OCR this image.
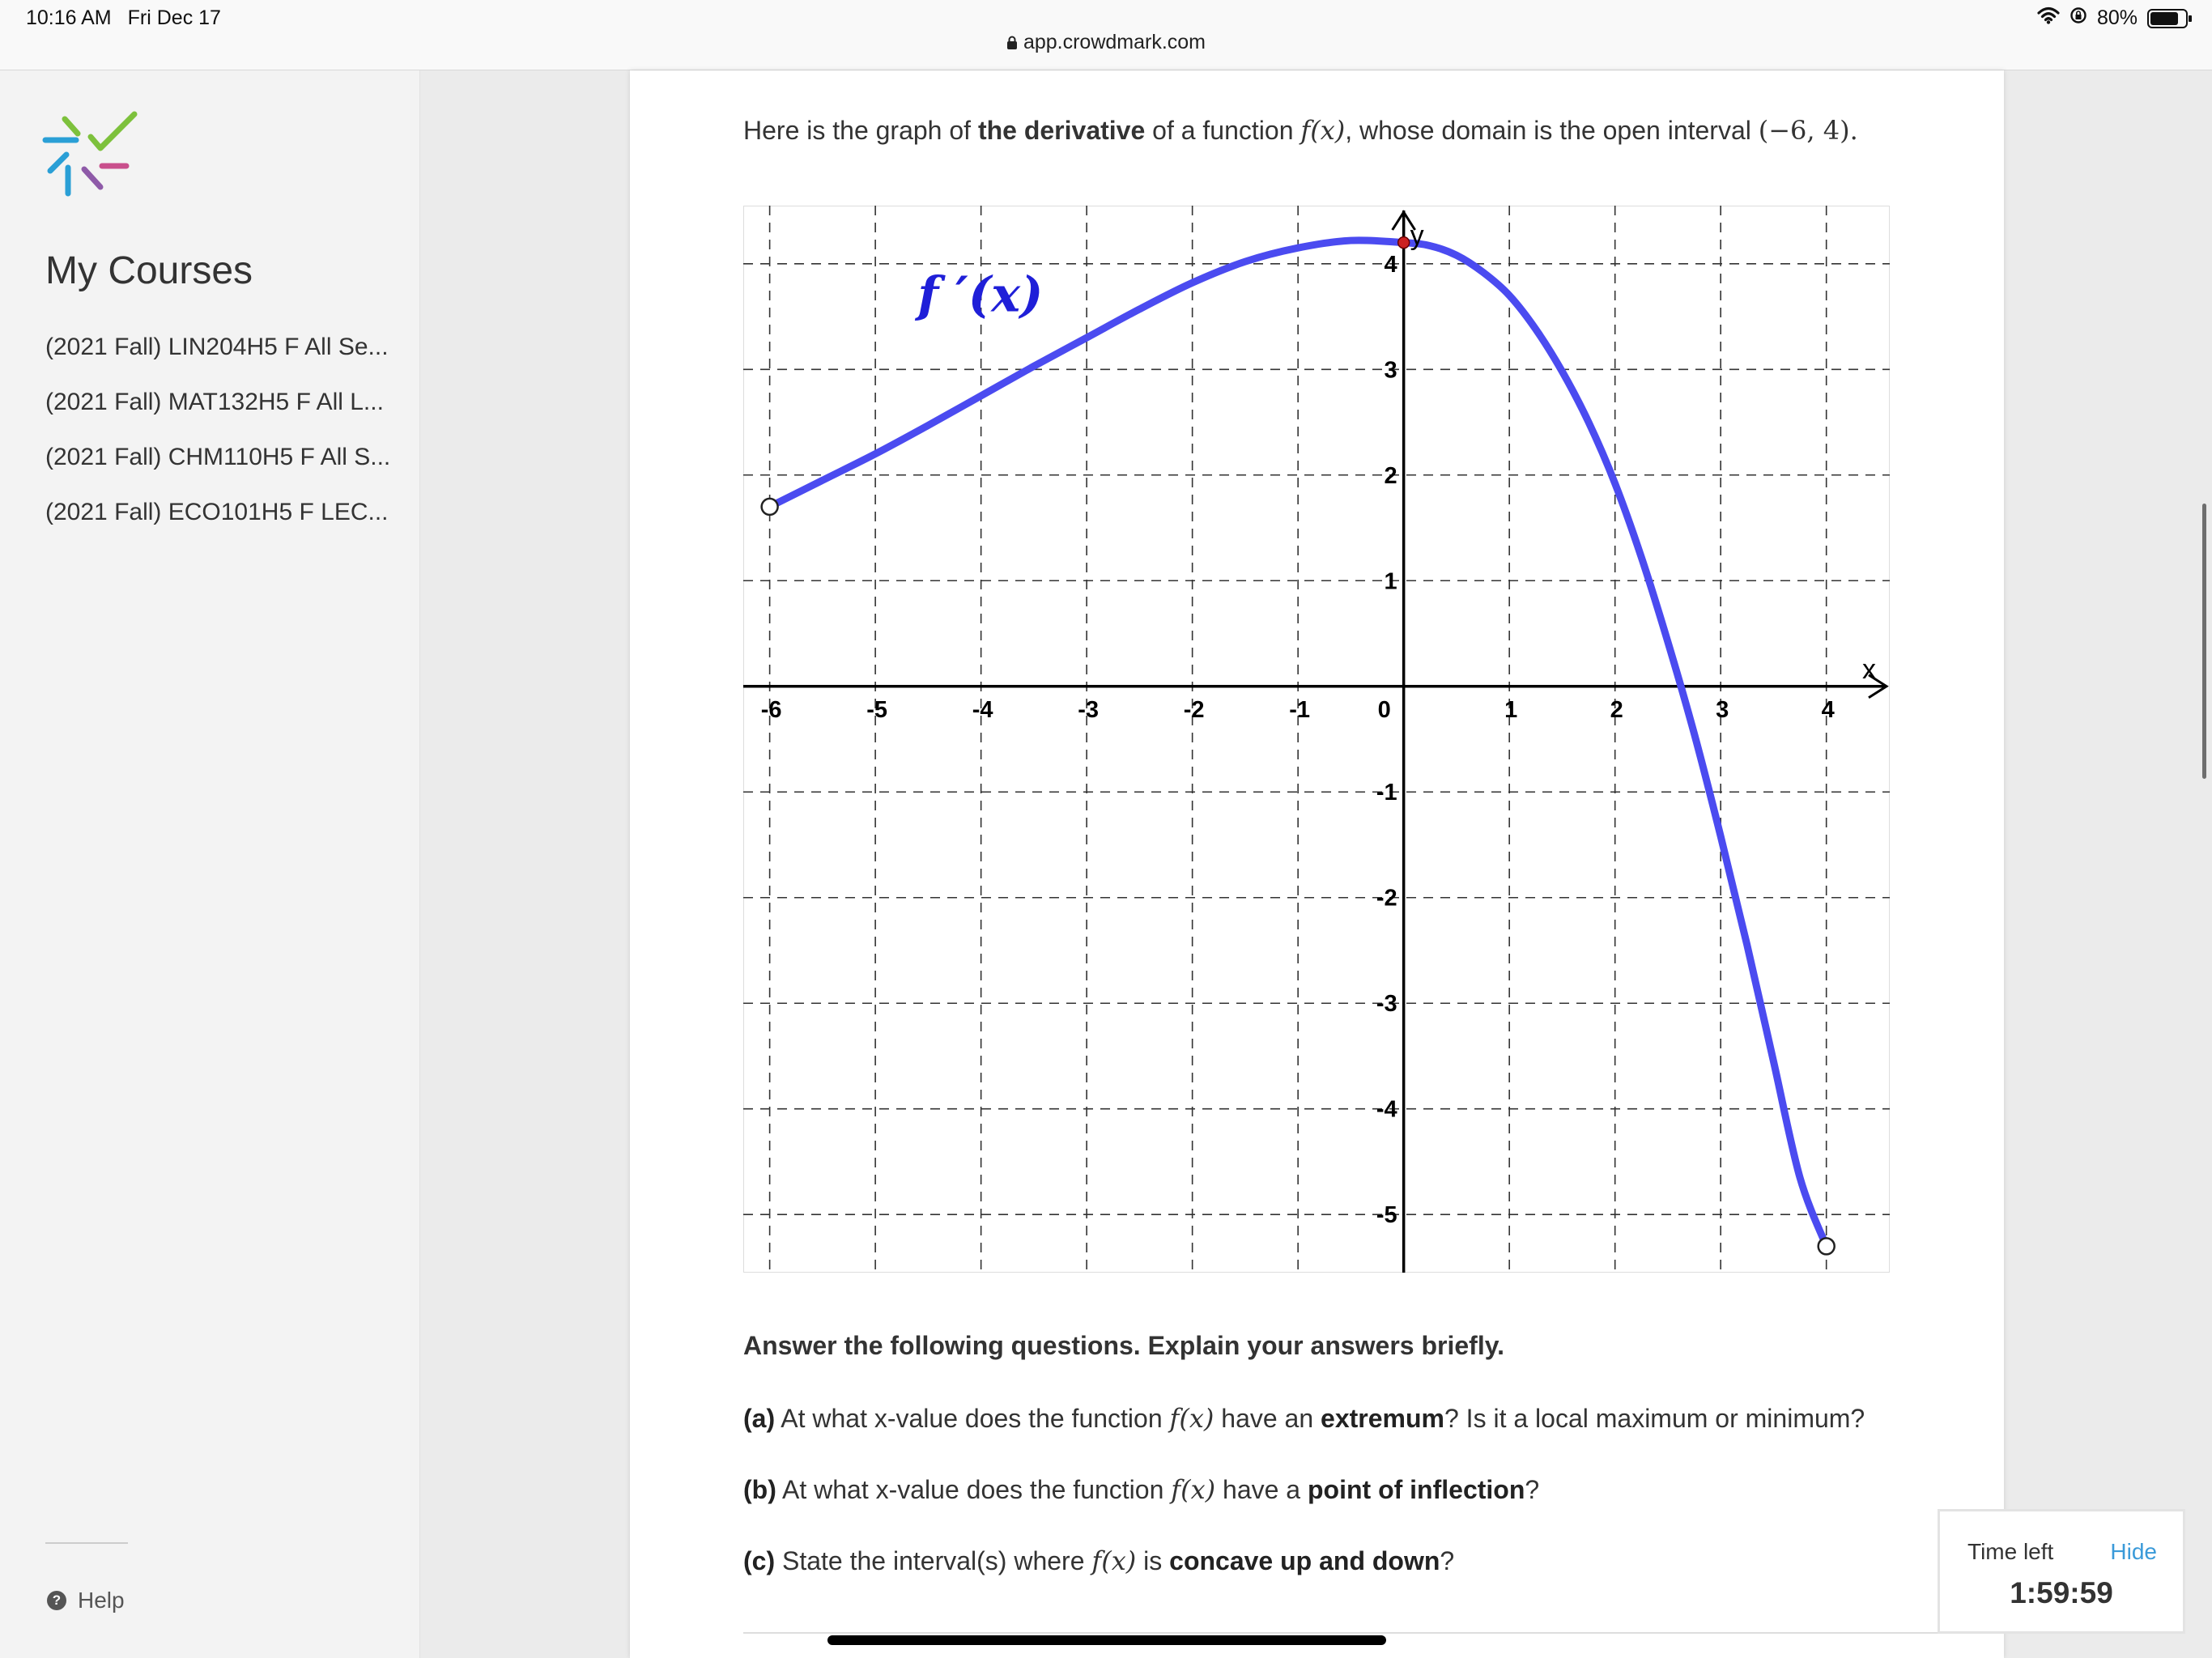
10:16 AM Fri Dec 17
app.crowdmark.com
80%
My Courses
(2021 Fall) LIN204H5 F All Se...
(2021 Fall) MAT132H5 F All L...
(2021 Fall) CHM110H5 F All S...
(2021 Fall) ECO101H5 F LEC...
? Help
Here is the graph of the derivative of a function f(x), whose domain is the open interval (−6, 4).
-6	-5	-4	-3	-2	-1	0	1	2	3	4
-5
-4
-3
-2
-1
1
2
3
4
f ′(x)
x
y
Answer the following questions. Explain your answers briefly.
(a) At what x-value does the function f(x) have an extremum? Is it a local maximum or minimum?
(b) At what x-value does the function f(x) have a point of inflection?
(c) State the interval(s) where f(x) is concave up and down?	Time left	Hide
1:59:59
